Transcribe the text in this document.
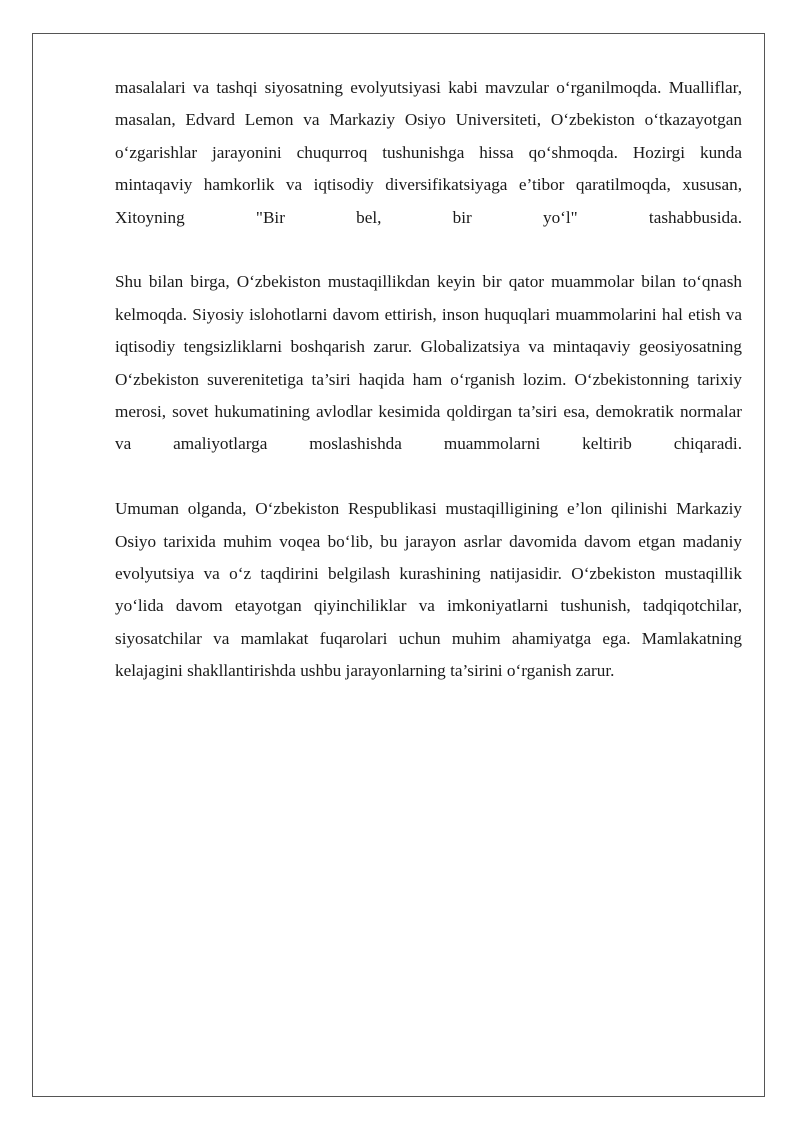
masalalari va tashqi siyosatning evolyutsiyasi kabi mavzular o‘rganilmoqda. Mualliflar, masalan, Edvard Lemon va Markaziy Osiyo Universiteti, O‘zbekiston o‘tkazayotgan o‘zgarishlar jarayonini chuqurroq tushunishga hissa qo‘shmoqda. Hozirgi kunda mintaqaviy hamkorlik va iqtisodiy diversifikatsiyaga e’tibor qaratilmoqda, xususan, Xitoyning "Bir bel, bir yo‘l" tashabbusida.

Shu bilan birga, O‘zbekiston mustaqillikdan keyin bir qator muammolar bilan to‘qnash kelmoqda. Siyosiy islohotlarni davom ettirish, inson huquqlari muammolarini hal etish va iqtisodiy tengsizliklarni boshqarish zarur. Globalizatsiya va mintaqaviy geosiyosatning O‘zbekiston suverenitetiga ta’siri haqida ham o‘rganish lozim. O‘zbekistonning tarixiy merosi, sovet hukumatining avlodlar kesimida qoldirgan ta’siri esa, demokratik normalar va amaliyotlarga moslashishda muammolarni keltirib chiqaradi.

Umuman olganda, O‘zbekiston Respublikasi mustaqilligining e’lon qilinishi Markaziy Osiyo tarixida muhim voqea bo‘lib, bu jarayon asrlar davomida davom etgan madaniy evolyutsiya va o‘z taqdirini belgilash kurashining natijasidir. O‘zbekiston mustaqillik yo‘lida davom etayotgan qiyinchiliklar va imkoniyatlarni tushunish, tadqiqotchilar, siyosatchilar va mamlakat fuqarolari uchun muhim ahamiyatga ega. Mamlakatning kelajagini shakllantirishda ushbu jarayonlarning ta’sirini o‘rganish zarur.
